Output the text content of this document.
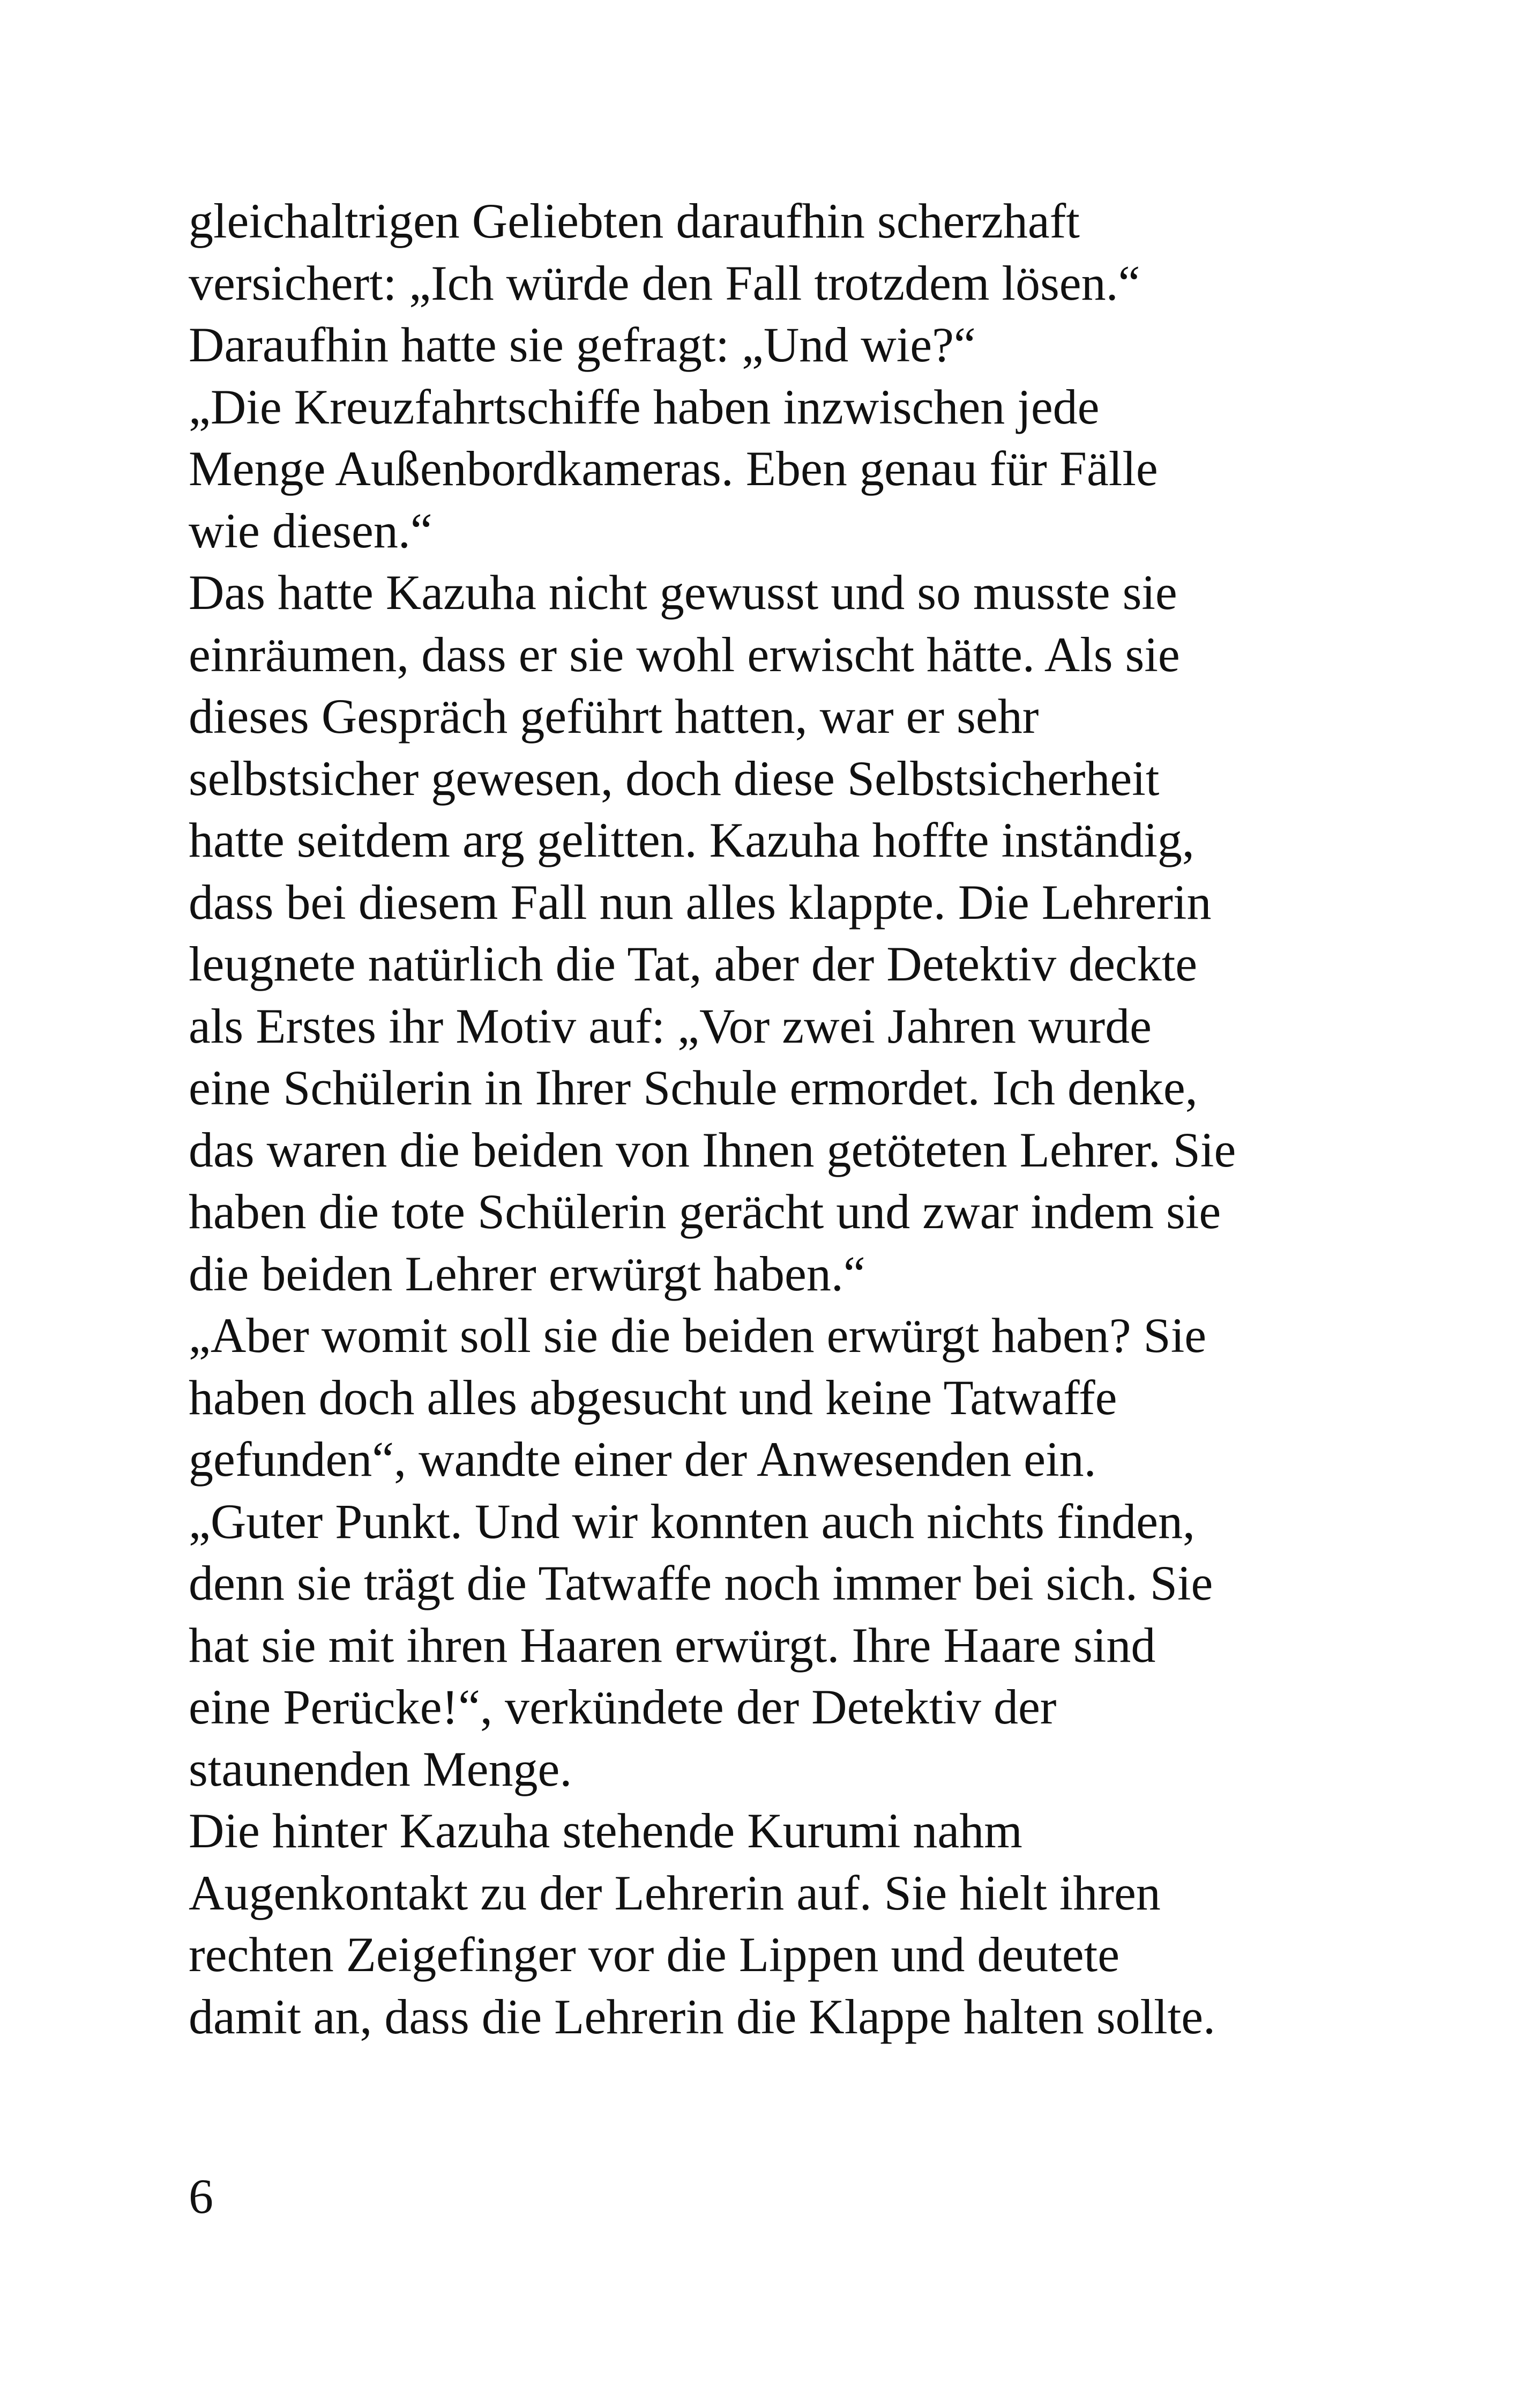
gleichaltrigen Geliebten daraufhin scherzhaft
versichert: „Ich würde den Fall trotzdem lösen.“
Daraufhin hatte sie gefragt: „Und wie?“
„Die Kreuzfahrtschiffe haben inzwischen jede
Menge Außenbordkameras. Eben genau für Fälle
wie diesen.“
Das hatte Kazuha nicht gewusst und so musste sie
einräumen, dass er sie wohl erwischt hätte. Als sie
dieses Gespräch geführt hatten, war er sehr
selbstsicher gewesen, doch diese Selbstsicherheit
hatte seitdem arg gelitten. Kazuha hoffte inständig,
dass bei diesem Fall nun alles klappte. Die Lehrerin
leugnete natürlich die Tat, aber der Detektiv deckte
als Erstes ihr Motiv auf: „Vor zwei Jahren wurde
eine Schülerin in Ihrer Schule ermordet. Ich denke,
das waren die beiden von Ihnen getöteten Lehrer. Sie
haben die tote Schülerin gerächt und zwar indem sie
die beiden Lehrer erwürgt haben.“
„Aber womit soll sie die beiden erwürgt haben? Sie
haben doch alles abgesucht und keine Tatwaffe
gefunden“, wandte einer der Anwesenden ein.
„Guter Punkt. Und wir konnten auch nichts finden,
denn sie trägt die Tatwaffe noch immer bei sich. Sie
hat sie mit ihren Haaren erwürgt. Ihre Haare sind
eine Perücke!“, verkündete der Detektiv der
staunenden Menge.
Die hinter Kazuha stehende Kurumi nahm
Augenkontakt zu der Lehrerin auf. Sie hielt ihren
rechten Zeigefinger vor die Lippen und deutete
damit an, dass die Lehrerin die Klappe halten sollte.
6
